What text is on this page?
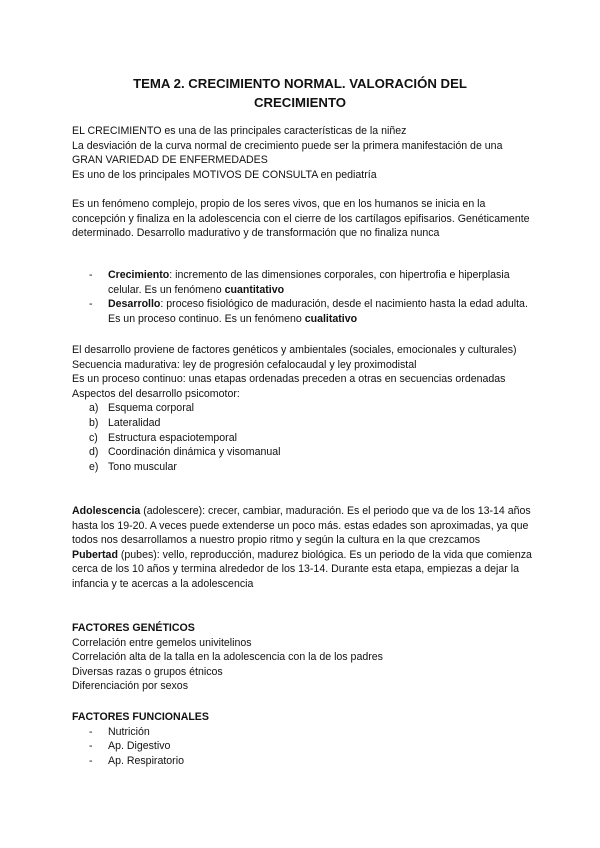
TEMA 2. CRECIMIENTO NORMAL. VALORACIÓN DEL
CRECIMIENTO

EL CRECIMIENTO es una de las principales características de la niñez

La desviación de la curva normal de crecimiento puede ser la primera manifestación de una GRAN VARIEDAD DE ENFERMEDADES

Es uno de los principales MOTIVOS DE CONSULTA en pediatría

Es un fenómeno complejo, propio de los seres vivos, que en los humanos se inicia en la concepción y finaliza en la adolescencia con el cierre de los cartílagos epifisarios. Genéticamente determinado. Desarrollo madurativo y de transformación que no finaliza nunca

- Crecimiento: incremento de las dimensiones corporales, con hipertrofia e hiperplasia celular. Es un fenómeno cuantitativo
- Desarrollo: proceso fisiológico de maduración, desde el nacimiento hasta la edad adulta. Es un proceso continuo. Es un fenómeno cualitativo

El desarrollo proviene de factores genéticos y ambientales (sociales, emocionales y culturales)

Secuencia madurativa: ley de progresión cefalocaudal y ley proximodistal

Es un proceso continuo: unas etapas ordenadas preceden a otras en secuencias ordenadas

Aspectos del desarrollo psicomotor:

a) Esquema corporal
b) Lateralidad
c) Estructura espaciotemporal
d) Coordinación dinámica y visomanual
e) Tono muscular

Adolescencia (adolescere): crecer, cambiar, maduración. Es el periodo que va de los 13-14 años hasta los 19-20. A veces puede extenderse un poco más. estas edades son aproximadas, ya que todos nos desarrollamos a nuestro propio ritmo y según la cultura en la que crezcamos

Pubertad (pubes): vello, reproducción, madurez biológica. Es un periodo de la vida que comienza cerca de los 10 años y termina alrededor de los 13-14. Durante esta etapa, empiezas a dejar la infancia y te acercas a la adolescencia

FACTORES GENÉTICOS

Correlación entre gemelos univitelinos

Correlación alta de la talla en la adolescencia con la de los padres

Diversas razas o grupos étnicos

Diferenciación por sexos

FACTORES FUNCIONALES

- Nutrición
- Ap. Digestivo
- Ap. Respiratorio
